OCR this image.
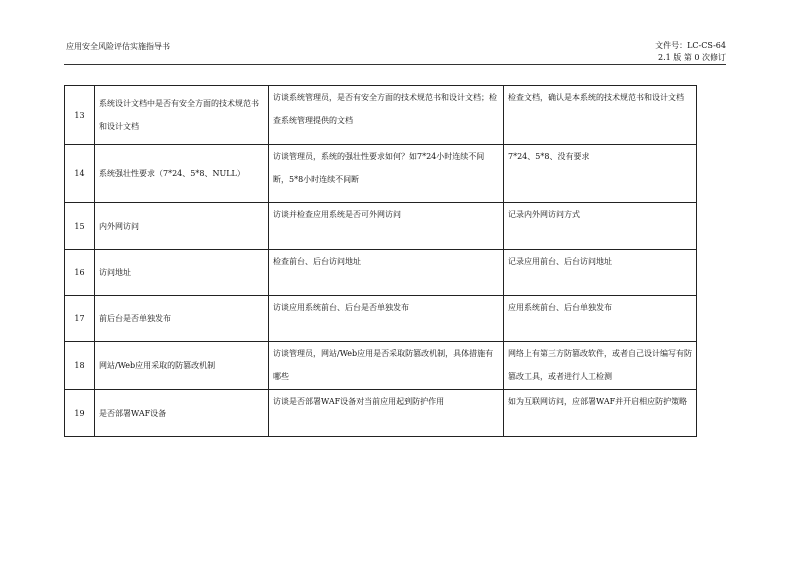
应用安全风险评估实施指导书	文件号：LC-CS-64
2.1 版 第 0 次修订
13	系统设计文档中是否有安全方面的技术规范书和设计文档	访谈系统管理员，是否有安全方面的技术规范书和设计文档；检查系统管理提供的文档	检查文档，确认是本系统的技术规范书和设计文档
14	系统强壮性要求（7*24、5*8、NULL）	访谈管理员，系统的强壮性要求如何？如7*24小时连续不间断，5*8小时连续不间断	7*24、5*8、没有要求
15	内外网访问	访谈并检查应用系统是否可外网访问	记录内外网访问方式
16	访问地址	检查前台、后台访问地址	记录应用前台、后台访问地址
17	前后台是否单独发布	访谈应用系统前台、后台是否单独发布	应用系统前台、后台单独发布
18	网站/Web应用采取的防篡改机制	访谈管理员，网站/Web应用是否采取防篡改机制，具体措施有哪些	网络上有第三方防篡改软件，或者自己设计编写有防篡改工具，或者进行人工检测
19	是否部署WAF设备	访谈是否部署WAF设备对当前应用起到防护作用	如为互联网访问，应部署WAF并开启相应防护策略
